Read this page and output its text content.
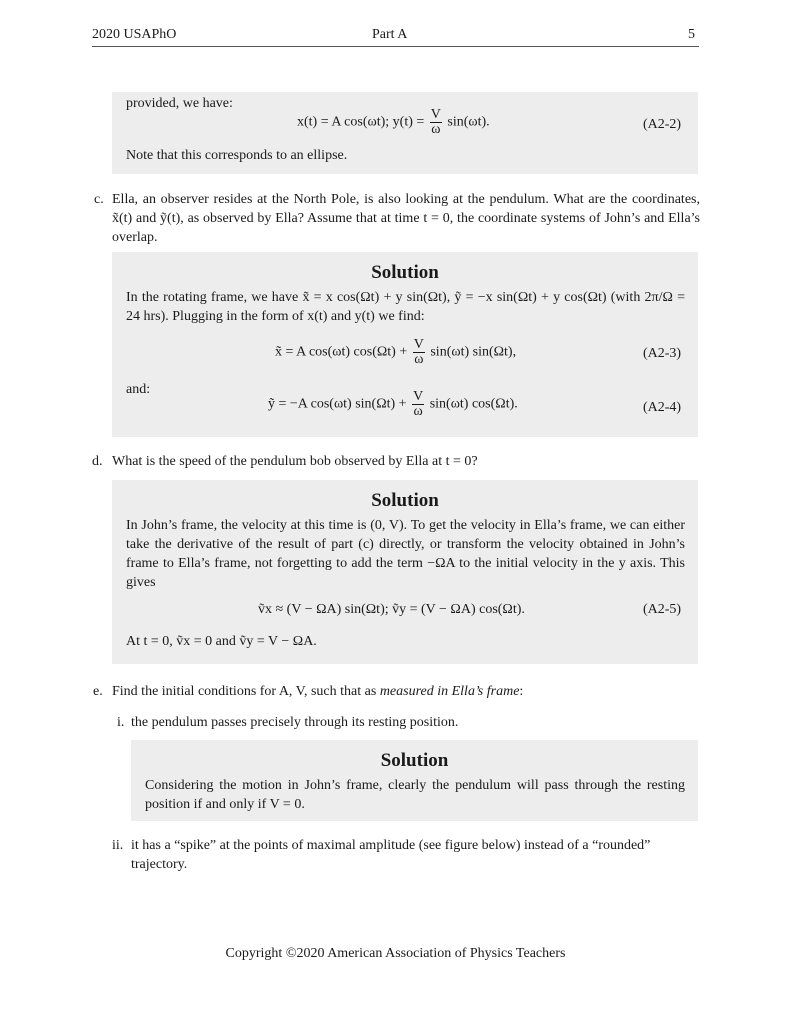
2020 USAPhO	Part A	5
provided, we have:
x(t) = A cos(ωt); $y(t) = \frac{V}{\omega} \sin(\omega t)$.	(A2-2)
Note that this corresponds to an ellipse.
c. Ella, an observer resides at the North Pole, is also looking at the pendulum. What are the coordinates, x̃(t) and ỹ(t), as observed by Ella? Assume that at time t = 0, the coordinate systems of John’s and Ella’s overlap.
Solution
In the rotating frame, we have x̃ = x cos(Ωt) + y sin(Ωt), ỹ = −x sin(Ωt) + y cos(Ωt) (with 2π/Ω = 24 hrs). Plugging in the form of x(t) and y(t) we find:
x̃ = A cos(ωt) $\cos(\Omega t) + \frac{V}{\omega} \sin(\omega t)$ sin(Ωt),	(A2-3)
and:
ỹ = −A cos(ωt) $\sin(\Omega t) + \frac{V}{\omega} \sin(\omega t)$ cos(Ωt).	(A2-4)
d. What is the speed of the pendulum bob observed by Ella at t = 0?
Solution
In John’s frame, the velocity at this time is (0, V). To get the velocity in Ella’s frame, we can either take the derivative of the result of part (c) directly, or transform the velocity obtained in John’s frame to Ella’s frame, not forgetting to add the term −ΩA to the initial velocity in the y axis. This gives
ṽx ≈ (V − ΩA) sin(Ωt); ṽy = (V − ΩA) cos(Ωt).	(A2-5)
At t = 0, ṽx = 0 and ṽy = V − ΩA.
e. Find the initial conditions for A, V, such that as measured in Ella’s frame:
i. the pendulum passes precisely through its resting position.
Solution
Considering the motion in John’s frame, clearly the pendulum will pass through the resting position if and only if V = 0.
ii. it has a “spike” at the points of maximal amplitude (see figure below) instead of a “rounded” trajectory.
Copyright ©2020 American Association of Physics Teachers
